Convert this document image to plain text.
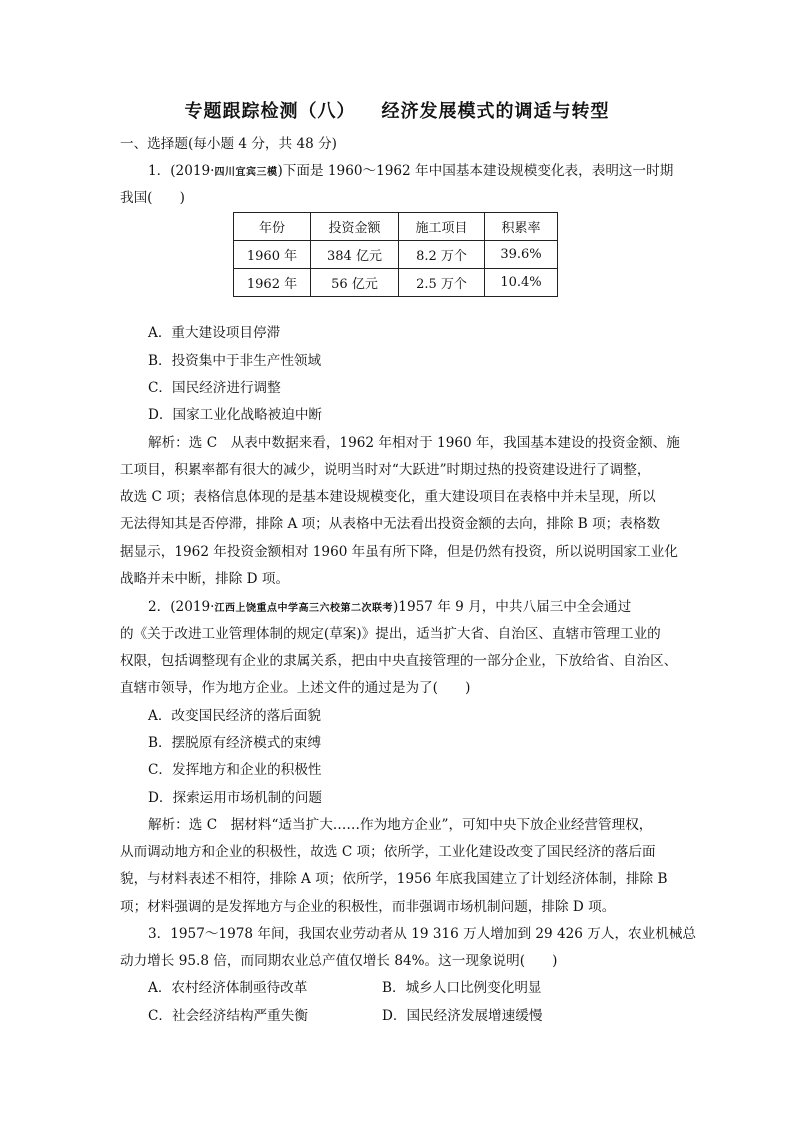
专题跟踪检测（八） 经济发展模式的调适与转型
一、选择题(每小题 4 分，共 48 分)
1．(2019·四川宜宾三模)下面是 1960～1962 年中国基本建设规模变化表，表明这一时期
我国(　　)
年份	投资金额	施工项目	积累率
1960 年	384 亿元	8.2 万个	39.6%
1962 年	56 亿元	2.5 万个	10.4%
A．重大建设项目停滞
B．投资集中于非生产性领域
C．国民经济进行调整
D．国家工业化战略被迫中断
解析：选 C　从表中数据来看，1962 年相对于 1960 年，我国基本建设的投资金额、施
工项目，积累率都有很大的减少，说明当时对“大跃进”时期过热的投资建设进行了调整，
故选 C 项；表格信息体现的是基本建设规模变化，重大建设项目在表格中并未呈现，所以
无法得知其是否停滞，排除 A 项；从表格中无法看出投资金额的去向，排除 B 项；表格数
据显示，1962 年投资金额相对 1960 年虽有所下降，但是仍然有投资，所以说明国家工业化
战略并未中断，排除 D 项。
2．(2019·江西上饶重点中学高三六校第二次联考)1957 年 9 月，中共八届三中全会通过
的《关于改进工业管理体制的规定(草案)》提出，适当扩大省、自治区、直辖市管理工业的
权限，包括调整现有企业的隶属关系，把由中央直接管理的一部分企业，下放给省、自治区、
直辖市领导，作为地方企业。上述文件的通过是为了(　　)
A．改变国民经济的落后面貌
B．摆脱原有经济模式的束缚
C．发挥地方和企业的积极性
D．探索运用市场机制的问题
解析：选 C　据材料“适当扩大……作为地方企业”，可知中央下放企业经营管理权，
从而调动地方和企业的积极性，故选 C 项；依所学，工业化建设改变了国民经济的落后面
貌，与材料表述不相符，排除 A 项；依所学，1956 年底我国建立了计划经济体制，排除 B
项；材料强调的是发挥地方与企业的积极性，而非强调市场机制问题，排除 D 项。
3．1957～1978 年间，我国农业劳动者从 19 316 万人增加到 29 426 万人，农业机械总
动力增长 95.8 倍，而同期农业总产值仅增长 84%。这一现象说明(　　)
A．农村经济体制亟待改革	B．城乡人口比例变化明显
C．社会经济结构严重失衡	D．国民经济发展增速缓慢
